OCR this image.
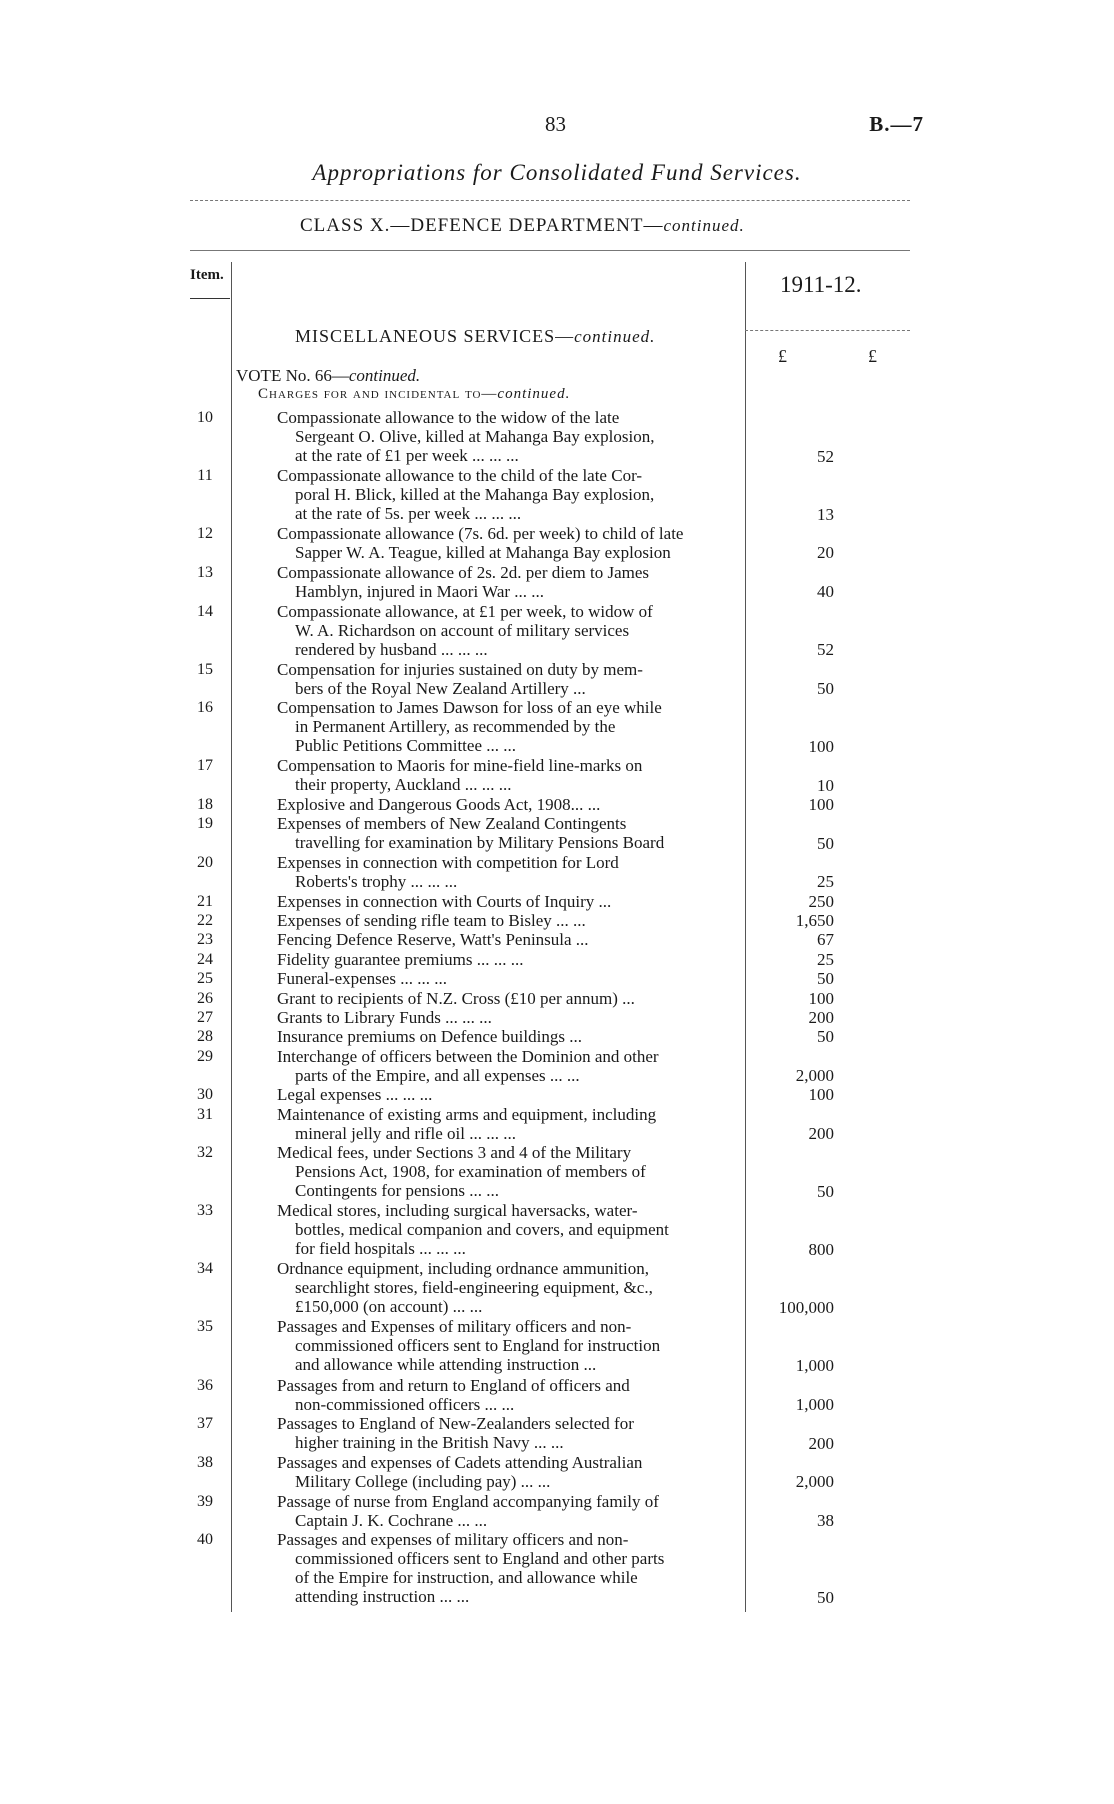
83	B.—7
Appropriations for Consolidated Fund Services.
CLASS X.—DEFENCE DEPARTMENT—continued.
Item.	1911-12.
£	£
MISCELLANEOUS SERVICES—continued.
VOTE No. 66—continued.
Charges for and incidental to—continued.
10	Compassionate allowance to the widow of the late
Sergeant O. Olive, killed at Mahanga Bay explosion,
at the rate of £1 per week ... ... ...	52
11	Compassionate allowance to the child of the late Cor-
poral H. Blick, killed at the Mahanga Bay explosion,
at the rate of 5s. per week ... ... ...	13
12	Compassionate allowance (7s. 6d. per week) to child of late
Sapper W. A. Teague, killed at Mahanga Bay explosion	20
13	Compassionate allowance of 2s. 2d. per diem to James
Hamblyn, injured in Maori War ... ...	40
14	Compassionate allowance, at £1 per week, to widow of
W. A. Richardson on account of military services
rendered by husband ... ... ...	52
15	Compensation for injuries sustained on duty by mem-
bers of the Royal New Zealand Artillery ...	50
16	Compensation to James Dawson for loss of an eye while
in Permanent Artillery, as recommended by the
Public Petitions Committee ... ...	100
17	Compensation to Maoris for mine-field line-marks on
their property, Auckland ... ... ...	10
18	Explosive and Dangerous Goods Act, 1908... ...	100
19	Expenses of members of New Zealand Contingents
travelling for examination by Military Pensions Board	50
20	Expenses in connection with competition for Lord
Roberts's trophy ... ... ...	25
21	Expenses in connection with Courts of Inquiry ...	250
22	Expenses of sending rifle team to Bisley ... ...	1,650
23	Fencing Defence Reserve, Watt's Peninsula ...	67
24	Fidelity guarantee premiums ... ... ...	25
25	Funeral-expenses ... ... ...	50
26	Grant to recipients of N.Z. Cross (£10 per annum) ...	100
27	Grants to Library Funds ... ... ...	200
28	Insurance premiums on Defence buildings ...	50
29	Interchange of officers between the Dominion and other
parts of the Empire, and all expenses ... ...	2,000
30	Legal expenses ... ... ...	100
31	Maintenance of existing arms and equipment, including
mineral jelly and rifle oil ... ... ...	200
32	Medical fees, under Sections 3 and 4 of the Military
Pensions Act, 1908, for examination of members of
Contingents for pensions ... ...	50
33	Medical stores, including surgical haversacks, water-
bottles, medical companion and covers, and equipment
for field hospitals ... ... ...	800
34	Ordnance equipment, including ordnance ammunition,
searchlight stores, field-engineering equipment, &c.,
£150,000 (on account) ... ...	100,000
35	Passages and Expenses of military officers and non-
commissioned officers sent to England for instruction
and allowance while attending instruction ...	1,000
36	Passages from and return to England of officers and
non-commissioned officers ... ...	1,000
37	Passages to England of New-Zealanders selected for
higher training in the British Navy ... ...	200
38	Passages and expenses of Cadets attending Australian
Military College (including pay) ... ...	2,000
39	Passage of nurse from England accompanying family of
Captain J. K. Cochrane ... ...	38
40	Passages and expenses of military officers and non-
commissioned officers sent to England and other parts
of the Empire for instruction, and allowance while
attending instruction ... ...	50
